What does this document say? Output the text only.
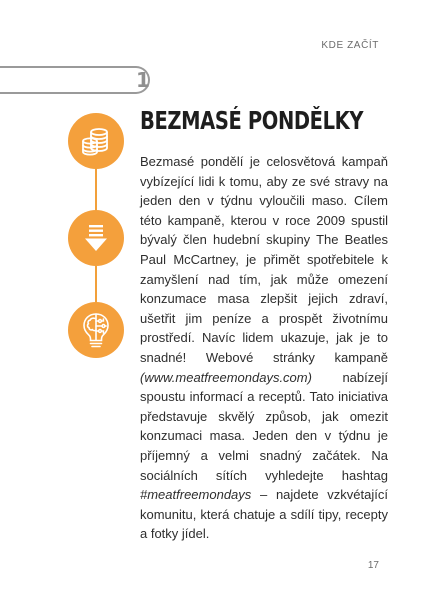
KDE ZAČÍT
1
BEZMASÉ PONDĚLKY

Bezmasé pondělí je celosvětová kampaň vybízející lidi k tomu, aby ze své stravy na jeden den v týdnu vyloučili maso. Cílem této kampaně, kterou v roce 2009 spustil bývalý člen hudební skupiny The Beatles Paul McCartney, je přimět spotřebitele k zamyšlení nad tím, jak může omezení konzumace masa zlepšit jejich zdraví, ušetřit jim peníze a prospět životnímu prostředí. Navíc lidem ukazuje, jak je to snadné! Webové stránky kampaně (www.meatfreemondays.com) nabízejí spoustu informací a receptů. Tato iniciativa představuje skvělý způsob, jak omezit konzumaci masa. Jeden den v týdnu je příjemný a velmi snadný začátek. Na sociálních sítích vyhledejte hashtag #meatfreemondays – najdete vzkvétající komunitu, která chatuje a sdílí tipy, recepty a fotky jídel.

17
